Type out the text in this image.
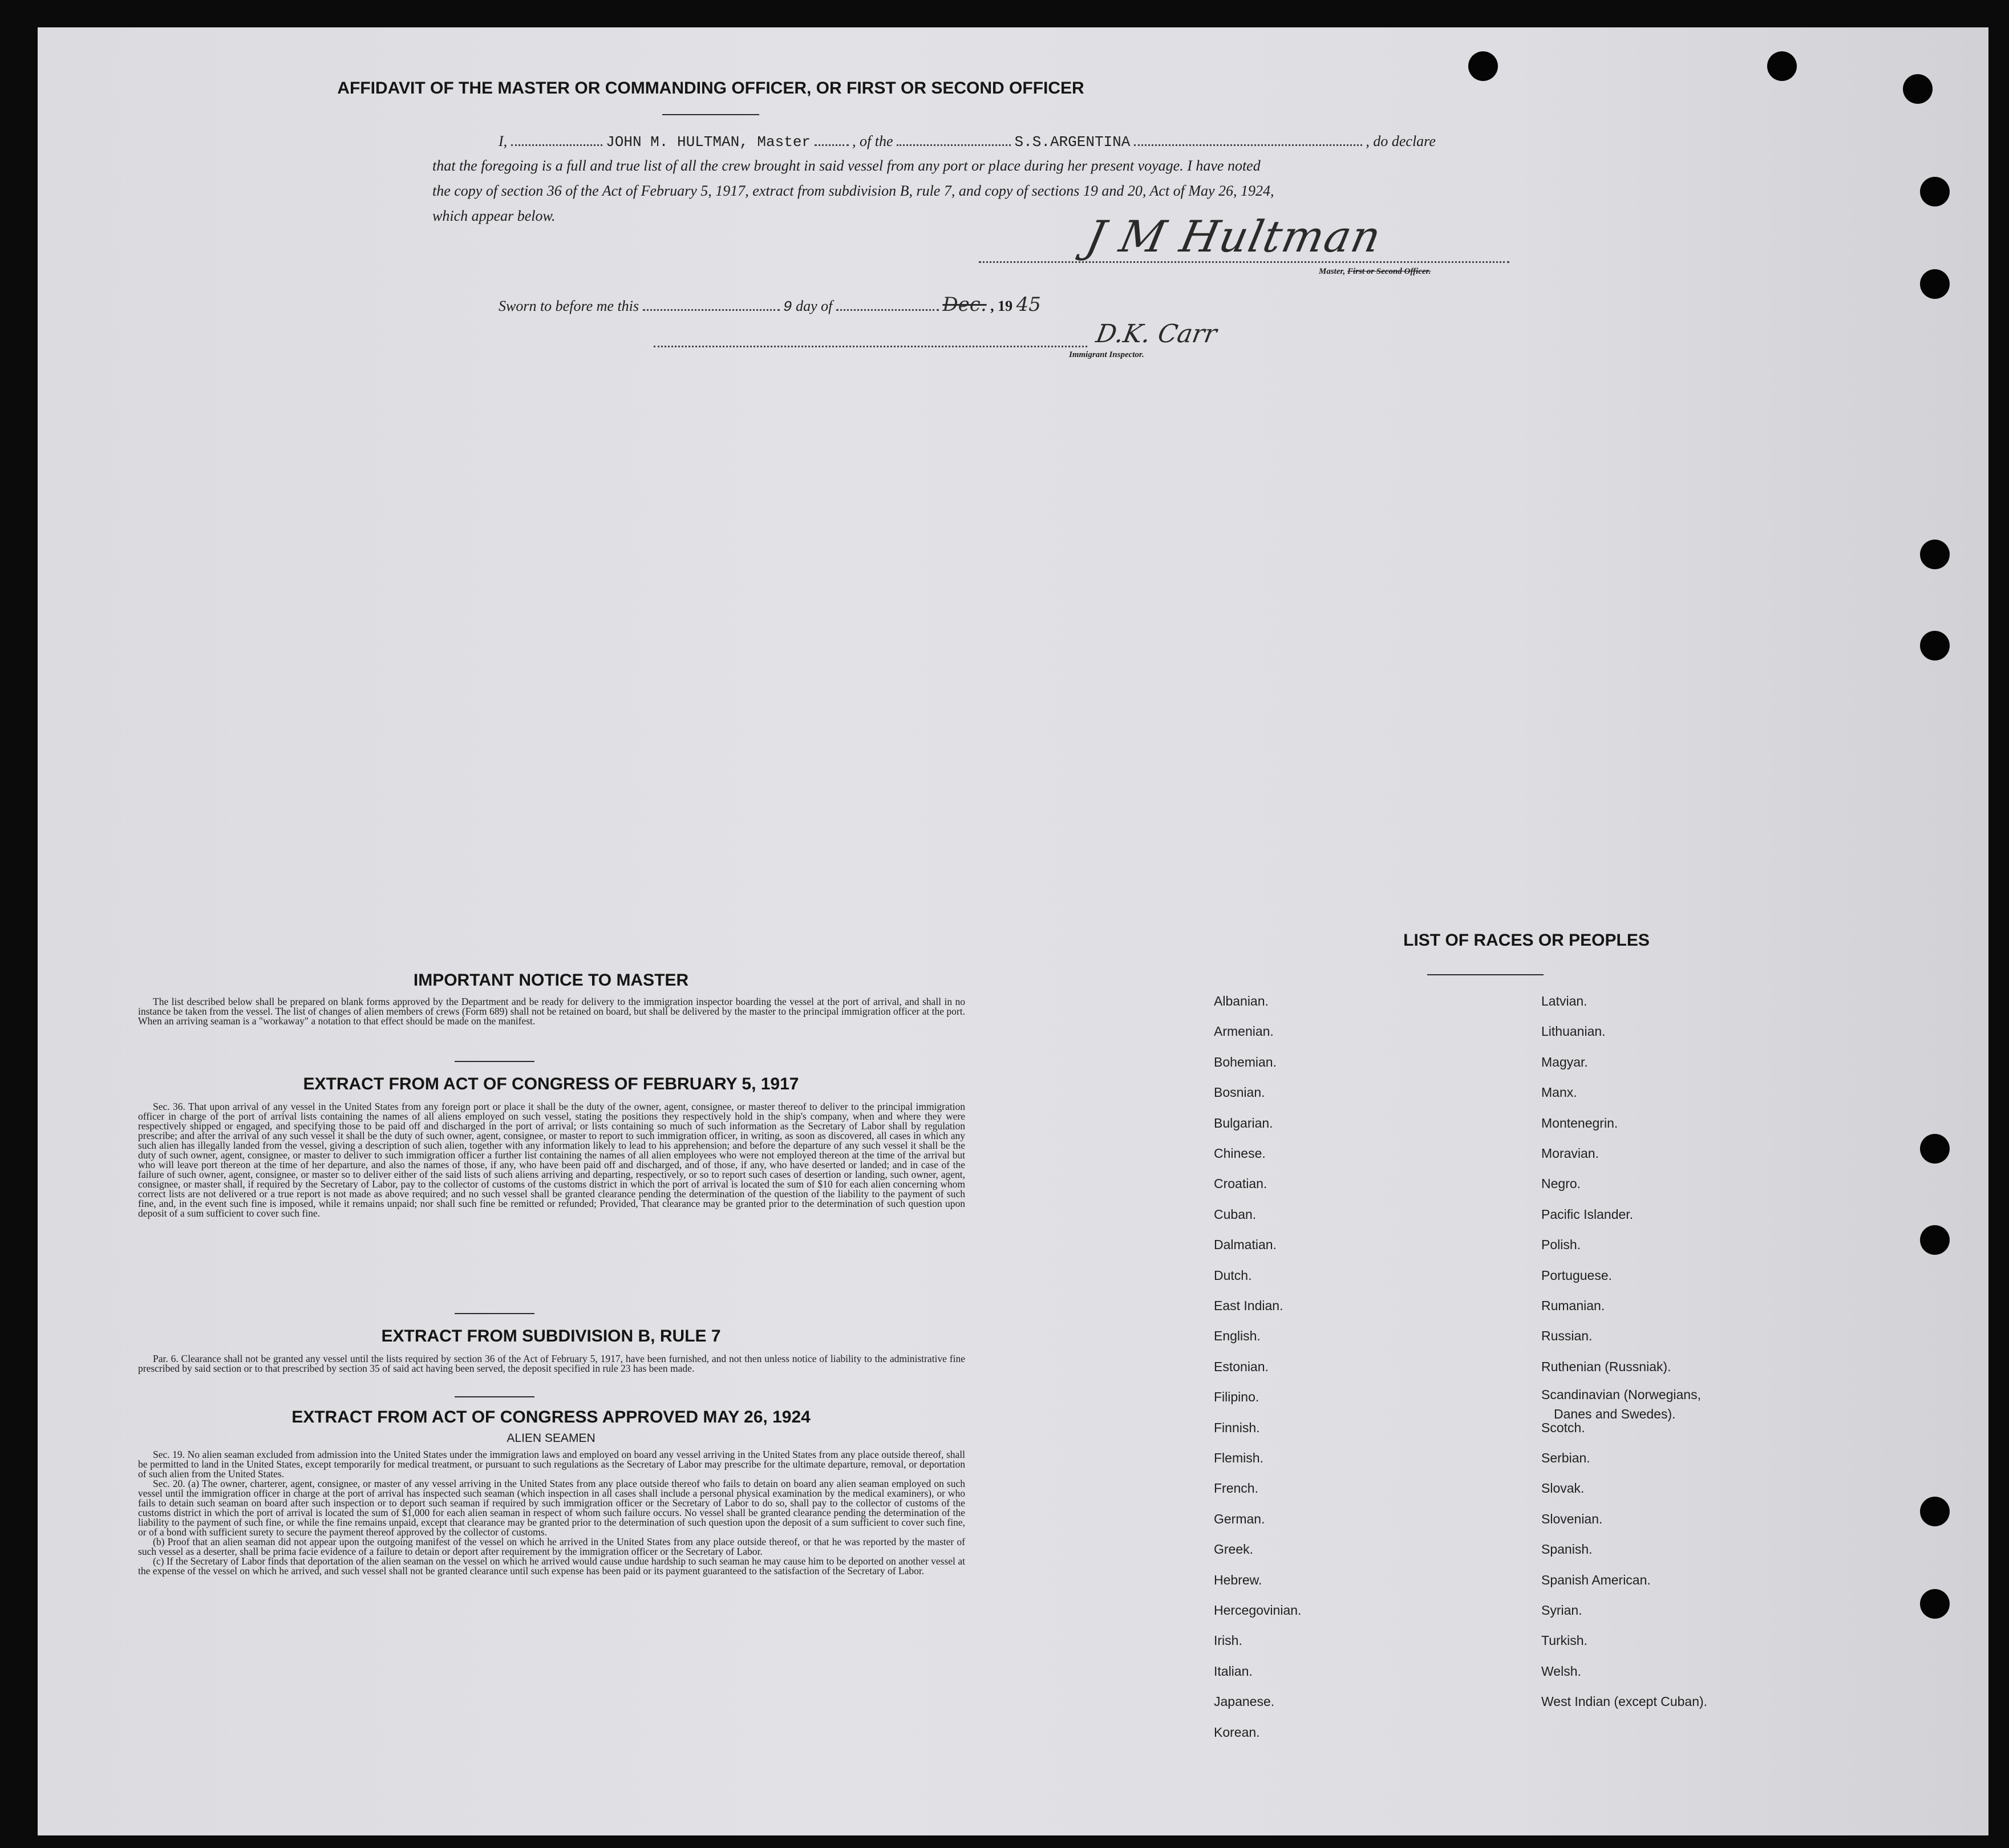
AFFIDAVIT OF THE MASTER OR COMMANDING OFFICER, OR FIRST OR SECOND OFFICER
I,	JOHN M. HULTMAN, Master	, of the	S.S.ARGENTINA	, do declare
that the foregoing is a full and true list of all the crew brought in said vessel from any port or place during her present voyage. I have noted
the copy of section 36 of the Act of February 5, 1917, extract from subdivision B, rule 7, and copy of sections 19 and 20, Act of May 26, 1924,
which appear below.	J M Hultman
Master, First or Second Officer.
Sworn to before me this	9 day of	Dec. , 19 45
D.K. Carr
Immigrant Inspector.
IMPORTANT NOTICE TO MASTER

The list described below shall be prepared on blank forms approved by the Department and be ready for delivery to the immigration inspector boarding the vessel at the port of arrival, and shall in no instance be taken from the vessel. The list of changes of alien members of crews (Form 689) shall not be retained on board, but shall be delivered by the master to the principal immigration officer at the port. When an arriving seaman is a "workaway" a notation to that effect should be made on the manifest.

EXTRACT FROM ACT OF CONGRESS OF FEBRUARY 5, 1917

Sec. 36. That upon arrival of any vessel in the United States from any foreign port or place it shall be the duty of the owner, agent, consignee, or master thereof to deliver to the principal immigration officer in charge of the port of arrival lists containing the names of all aliens employed on such vessel, stating the positions they respectively hold in the ship's company, when and where they were respectively shipped or engaged, and specifying those to be paid off and discharged in the port of arrival; or lists containing so much of such information as the Secretary of Labor shall by regulation prescribe; and after the arrival of any such vessel it shall be the duty of such owner, agent, consignee, or master to report to such immigration officer, in writing, as soon as discovered, all cases in which any such alien has illegally landed from the vessel, giving a description of such alien, together with any information likely to lead to his apprehension; and before the departure of any such vessel it shall be the duty of such owner, agent, consignee, or master to deliver to such immigration officer a further list containing the names of all alien employees who were not employed thereon at the time of the arrival but who will leave port thereon at the time of her departure, and also the names of those, if any, who have been paid off and discharged, and of those, if any, who have deserted or landed; and in case of the failure of such owner, agent, consignee, or master so to deliver either of the said lists of such aliens arriving and departing, respectively, or so to report such cases of desertion or landing, such owner, agent, consignee, or master shall, if required by the Secretary of Labor, pay to the collector of customs of the customs district in which the port of arrival is located the sum of $10 for each alien concerning whom correct lists are not delivered or a true report is not made as above required; and no such vessel shall be granted clearance pending the determination of the question of the liability to the payment of such fine, and, in the event such fine is imposed, while it remains unpaid; nor shall such fine be remitted or refunded; Provided, That clearance may be granted prior to the determination of such question upon deposit of a sum sufficient to cover such fine.

EXTRACT FROM SUBDIVISION B, RULE 7

Par. 6. Clearance shall not be granted any vessel until the lists required by section 36 of the Act of February 5, 1917, have been furnished, and not then unless notice of liability to the administrative fine prescribed by said section or to that prescribed by section 35 of said act having been served, the deposit specified in rule 23 has been made.

EXTRACT FROM ACT OF CONGRESS APPROVED MAY 26, 1924
ALIEN SEAMEN

Sec. 19. No alien seaman excluded from admission into the United States under the immigration laws and employed on board any vessel arriving in the United States from any place outside thereof, shall be permitted to land in the United States, except temporarily for medical treatment, or pursuant to such regulations as the Secretary of Labor may prescribe for the ultimate departure, removal, or deportation of such alien from the United States.

Sec. 20. (a) The owner, charterer, agent, consignee, or master of any vessel arriving in the United States from any place outside thereof who fails to detain on board any alien seaman employed on such vessel until the immigration officer in charge at the port of arrival has inspected such seaman (which inspection in all cases shall include a personal physical examination by the medical examiners), or who fails to detain such seaman on board after such inspection or to deport such seaman if required by such immigration officer or the Secretary of Labor to do so, shall pay to the collector of customs of the customs district in which the port of arrival is located the sum of $1,000 for each alien seaman in respect of whom such failure occurs. No vessel shall be granted clearance pending the determination of the liability to the payment of such fine, or while the fine remains unpaid, except that clearance may be granted prior to the determination of such question upon the deposit of a sum sufficient to cover such fine, or of a bond with sufficient surety to secure the payment thereof approved by the collector of customs.

(b) Proof that an alien seaman did not appear upon the outgoing manifest of the vessel on which he arrived in the United States from any place outside thereof, or that he was reported by the master of such vessel as a deserter, shall be prima facie evidence of a failure to detain or deport after requirement by the immigration officer or the Secretary of Labor.

(c) If the Secretary of Labor finds that deportation of the alien seaman on the vessel on which he arrived would cause undue hardship to such seaman he may cause him to be deported on another vessel at the expense of the vessel on which he arrived, and such vessel shall not be granted clearance until such expense has been paid or its payment guaranteed to the satisfaction of the Secretary of Labor.

LIST OF RACES OR PEOPLES
Albanian.
Armenian.
Bohemian.
Bosnian.
Bulgarian.
Chinese.
Croatian.
Cuban.
Dalmatian.
Dutch.
East Indian.
English.
Estonian.
Filipino.
Finnish.
Flemish.
French.
German.
Greek.
Hebrew.
Hercegovinian.
Irish.
Italian.
Japanese.
Korean.
Latvian.
Lithuanian.
Magyar.
Manx.
Montenegrin.
Moravian.
Negro.
Pacific Islander.
Polish.
Portuguese.
Rumanian.
Russian.
Ruthenian (Russniak).
Scandinavian (Norwegians,
Danes and Swedes).
Scotch.
Serbian.
Slovak.
Slovenian.
Spanish.
Spanish American.
Syrian.
Turkish.
Welsh.
West Indian (except Cuban).
